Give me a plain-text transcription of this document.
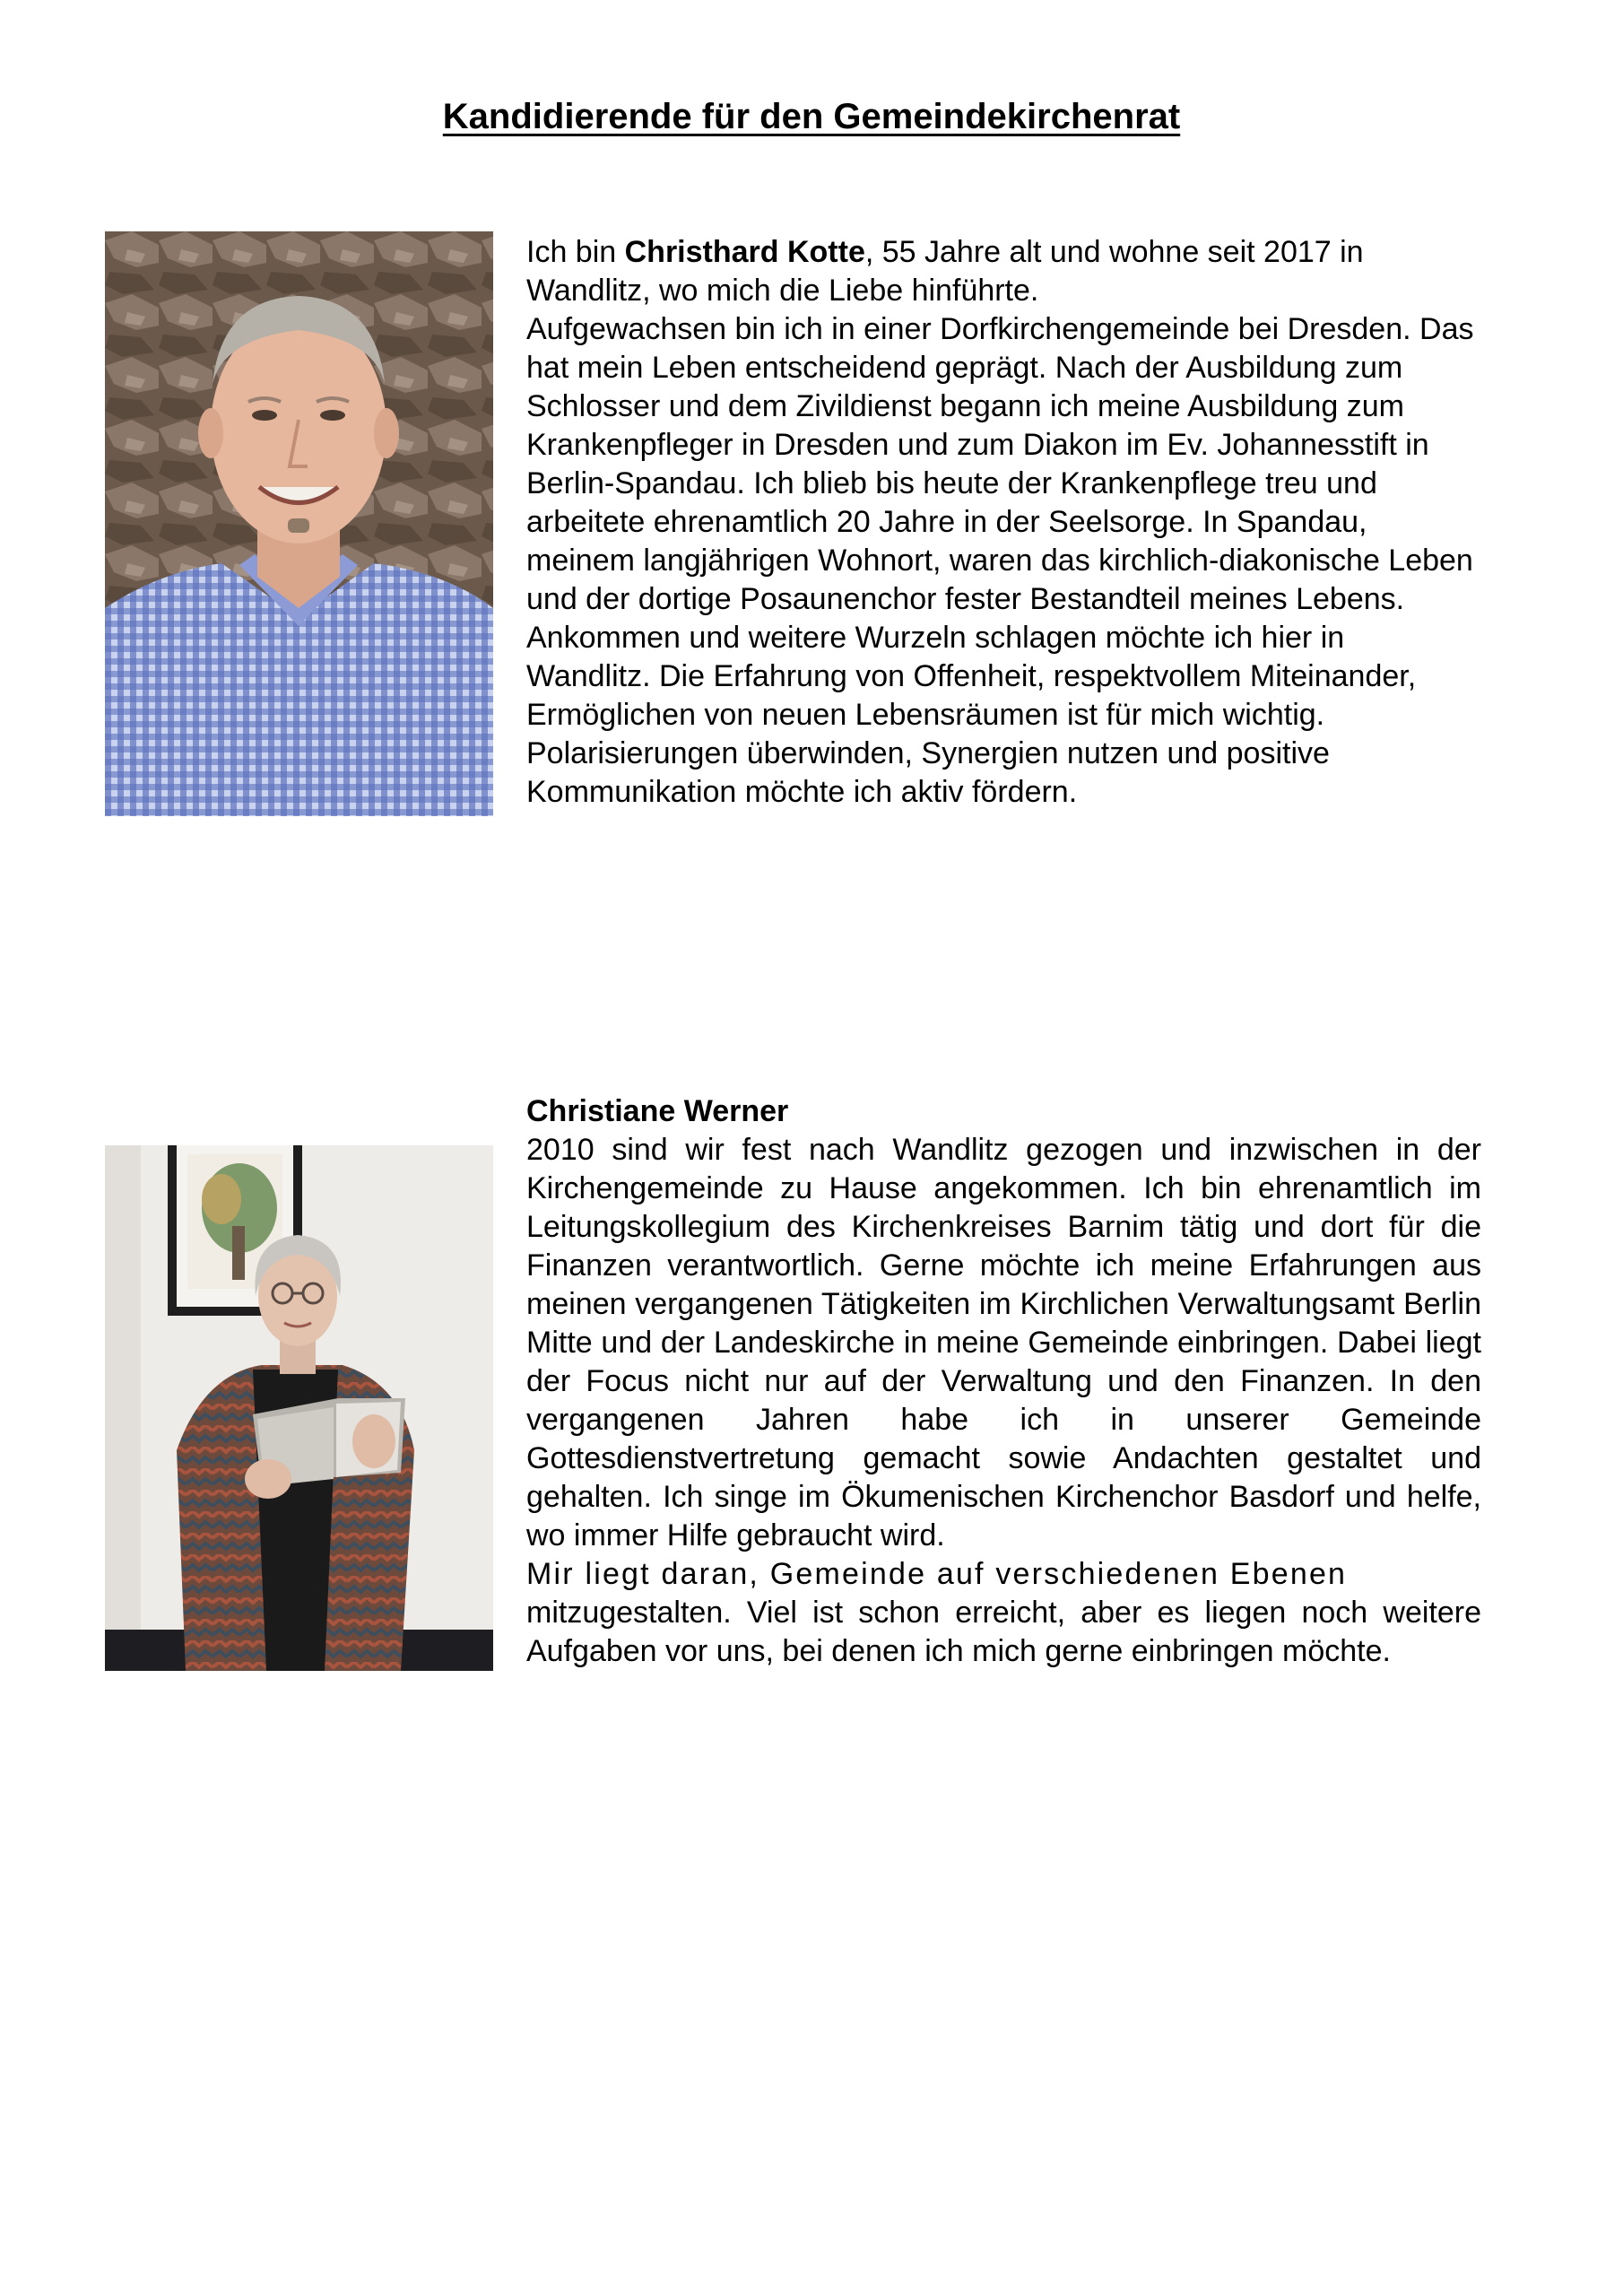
Kandidierende für den Gemeindekirchenrat

Ich bin Christhard Kotte, 55 Jahre alt und wohne seit 2017 in Wandlitz, wo mich die Liebe hinführte.

Aufgewachsen bin ich in einer Dorfkirchengemeinde bei Dresden. Das hat mein Leben entscheidend geprägt. Nach der Ausbildung zum Schlosser und dem Zivildienst begann ich meine Ausbildung zum Krankenpfleger in Dresden und zum Diakon im Ev. Johannesstift in Berlin-Spandau. Ich blieb bis heute der Krankenpflege treu und arbeitete ehrenamtlich 20 Jahre in der Seelsorge. In Spandau, meinem langjährigen Wohnort, waren das kirchlich-diakonische Leben und der dortige Posaunenchor fester Bestandteil meines Lebens.

Ankommen und weitere Wurzeln schlagen möchte ich hier in Wandlitz. Die Erfahrung von Offenheit, respektvollem Miteinander, Ermöglichen von neuen Lebensräumen ist für mich wichtig. Polarisierungen überwinden, Synergien nutzen und positive Kommunikation möchte ich aktiv fördern.

Christiane Werner

2010 sind wir fest nach Wandlitz gezogen und inzwischen in der Kirchengemeinde zu Hause angekommen. Ich bin ehrenamtlich im Leitungskollegium des Kirchenkreises Barnim tätig und dort für die Finanzen verantwortlich. Gerne möchte ich meine Erfahrungen aus meinen vergangenen Tätigkeiten im Kirchlichen Verwaltungsamt Berlin Mitte und der Landeskirche in meine Gemeinde einbringen. Dabei liegt der Focus nicht nur auf der Verwaltung und den Finanzen. In den vergangenen Jahren habe ich in unserer Gemeinde Gottesdienstvertretung gemacht sowie Andachten gestaltet und gehalten. Ich singe im Ökumenischen Kirchenchor Basdorf und helfe, wo immer Hilfe gebraucht wird.

Mir liegt daran, Gemeinde auf verschiedenen Ebenen

mitzugestalten. Viel ist schon erreicht, aber es liegen noch weitere Aufgaben vor uns, bei denen ich mich gerne einbringen möchte.
